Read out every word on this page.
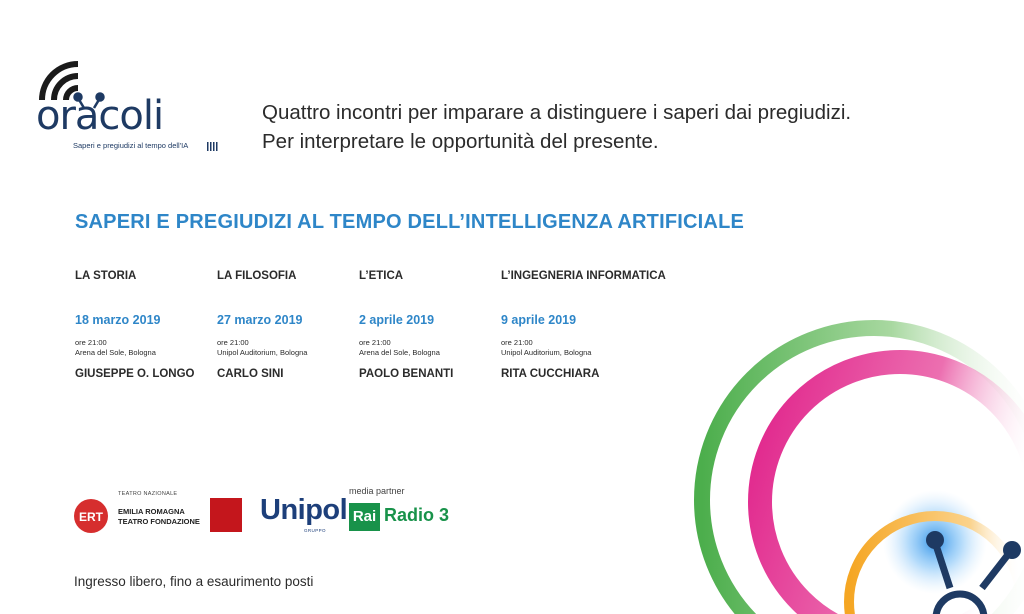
oracoli
Saperi e pregiudizi al tempo dell'IA
Quattro incontri per imparare a distinguere i saperi dai pregiudizi. Per interpretare le opportunità del presente.
SAPERI E PREGIUDIZI AL TEMPO DELL’INTELLIGENZA ARTIFICIALE
LA STORIA
18 marzo 2019
ore 21:00
Arena del Sole, Bologna
GIUSEPPE O. LONGO
LA FILOSOFIA
27 marzo 2019
ore 21:00
Unipol Auditorium, Bologna
CARLO SINI
L’ETICA
2 aprile 2019
ore 21:00
Arena del Sole, Bologna
PAOLO BENANTI
L’INGEGNERIA INFORMATICA
9 aprile 2019
ore 21:00
Unipol Auditorium, Bologna
RITA CUCCHIARA
ERT
TEATRO NAZIONALE
EMILIA ROMAGNA TEATRO FONDAZIONE Unipol
GRUPPO
media partner
Rai Radio 3
Ingresso libero, fino a esaurimento posti
